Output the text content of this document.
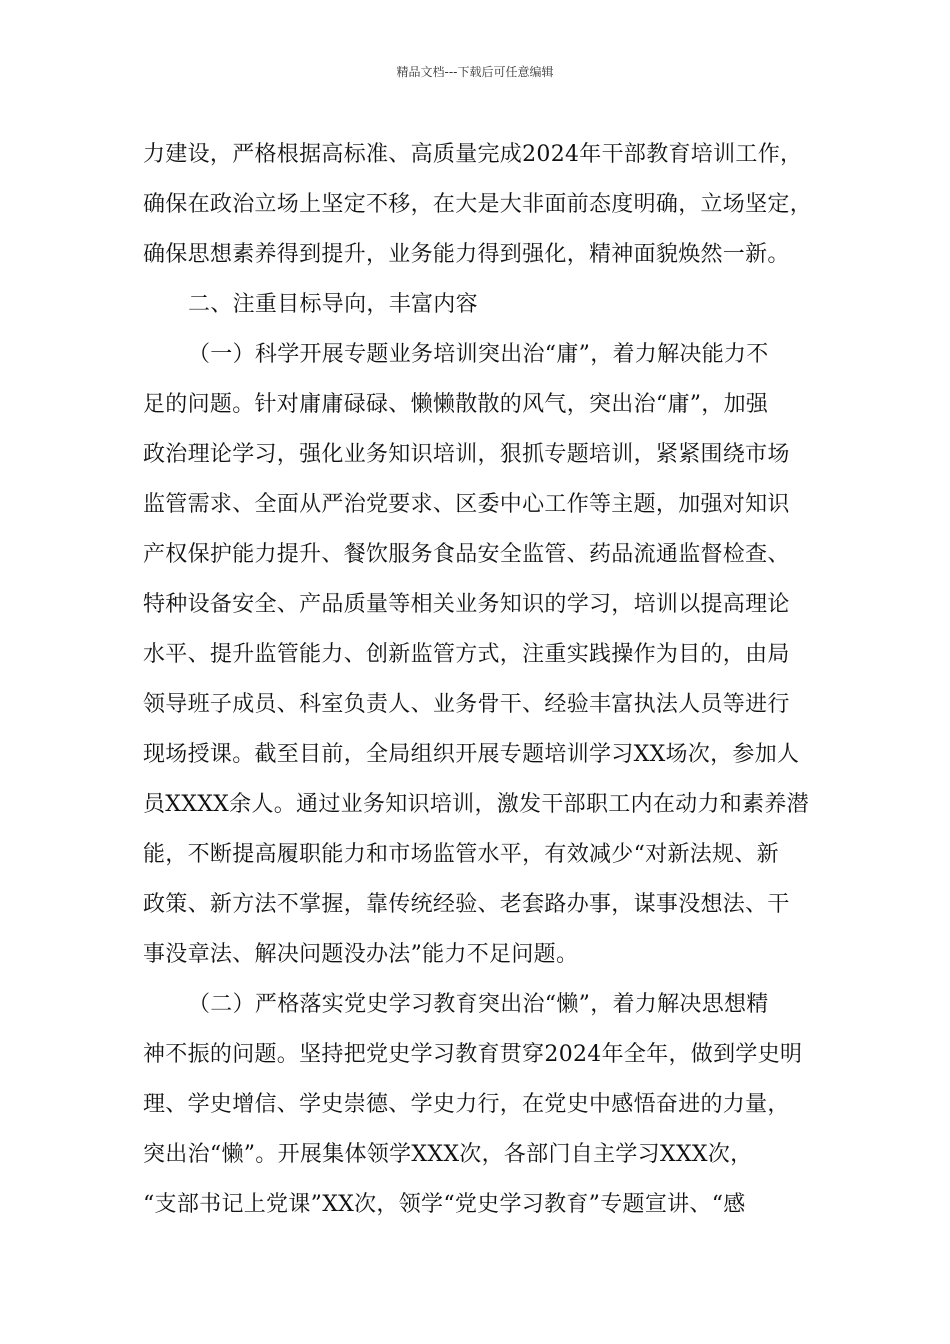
精品文档---下载后可任意编辑
力建设，严格根据高标准、高质量完成2024年干部教育培训工作，
确保在政治立场上坚定不移，在大是大非面前态度明确，立场坚定，
确保思想素养得到提升，业务能力得到强化，精神面貌焕然一新。
二、注重目标导向，丰富内容
（一）科学开展专题业务培训突出治“庸”，着力解决能力不
足的问题。针对庸庸碌碌、懒懒散散的风气，突出治“庸”，加强
政治理论学习，强化业务知识培训，狠抓专题培训，紧紧围绕市场
监管需求、全面从严治党要求、区委中心工作等主题，加强对知识
产权保护能力提升、餐饮服务食品安全监管、药品流通监督检查、
特种设备安全、产品质量等相关业务知识的学习，培训以提高理论
水平、提升监管能力、创新监管方式，注重实践操作为目的，由局
领导班子成员、科室负责人、业务骨干、经验丰富执法人员等进行
现场授课。截至目前，全局组织开展专题培训学习XX场次，参加人
员XXXX余人。通过业务知识培训，激发干部职工内在动力和素养潜
能，不断提高履职能力和市场监管水平，有效减少“对新法规、新
政策、新方法不掌握，靠传统经验、老套路办事，谋事没想法、干
事没章法、解决问题没办法”能力不足问题。
（二）严格落实党史学习教育突出治“懒”，着力解决思想精
神不振的问题。坚持把党史学习教育贯穿2024年全年，做到学史明
理、学史增信、学史崇德、学史力行，在党史中感悟奋进的力量，
突出治“懒”。开展集体领学XXX次，各部门自主学习XXX次，
“支部书记上党课”XX次，领学“党史学习教育”专题宣讲、“感
